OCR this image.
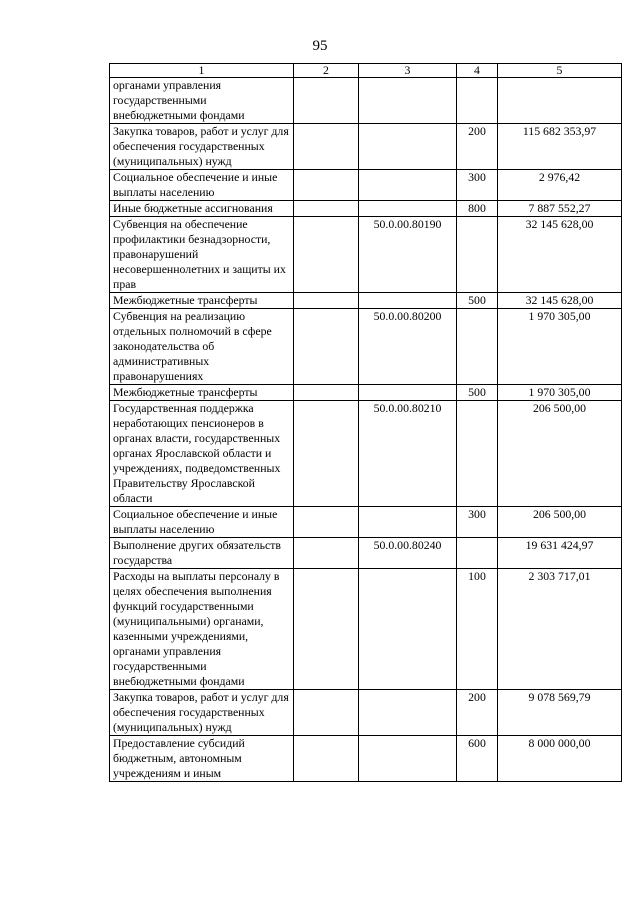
95
1	2	3	4	5
органами управления государственными внебюджетными фондами				
Закупка товаров, работ и услуг для обеспечения государственных (муниципальных) нужд			200	115 682 353,97
Социальное обеспечение и иные выплаты населению			300	2 976,42
Иные бюджетные ассигнования			800	7 887 552,27
Субвенция на обеспечение профилактики безнадзорности, правонарушений несовершеннолетних и защиты их прав		50.0.00.80190		32 145 628,00
Межбюджетные трансферты			500	32 145 628,00
Субвенция на реализацию отдельных полномочий в сфере законодательства об административных правонарушениях		50.0.00.80200		1 970 305,00
Межбюджетные трансферты			500	1 970 305,00
Государственная поддержка неработающих пенсионеров в органах власти, государственных органах Ярославской области и учреждениях, подведомственных Правительству Ярославской области		50.0.00.80210		206 500,00
Социальное обеспечение и иные выплаты населению			300	206 500,00
Выполнение других обязательств государства		50.0.00.80240		19 631 424,97
Расходы на выплаты персоналу в целях обеспечения выполнения функций государственными (муниципальными) органами, казенными учреждениями, органами управления государственными внебюджетными фондами			100	2 303 717,01
Закупка товаров, работ и услуг для обеспечения государственных (муниципальных) нужд			200	9 078 569,79
Предоставление субсидий бюджетным, автономным учреждениям и иным			600	8 000 000,00
